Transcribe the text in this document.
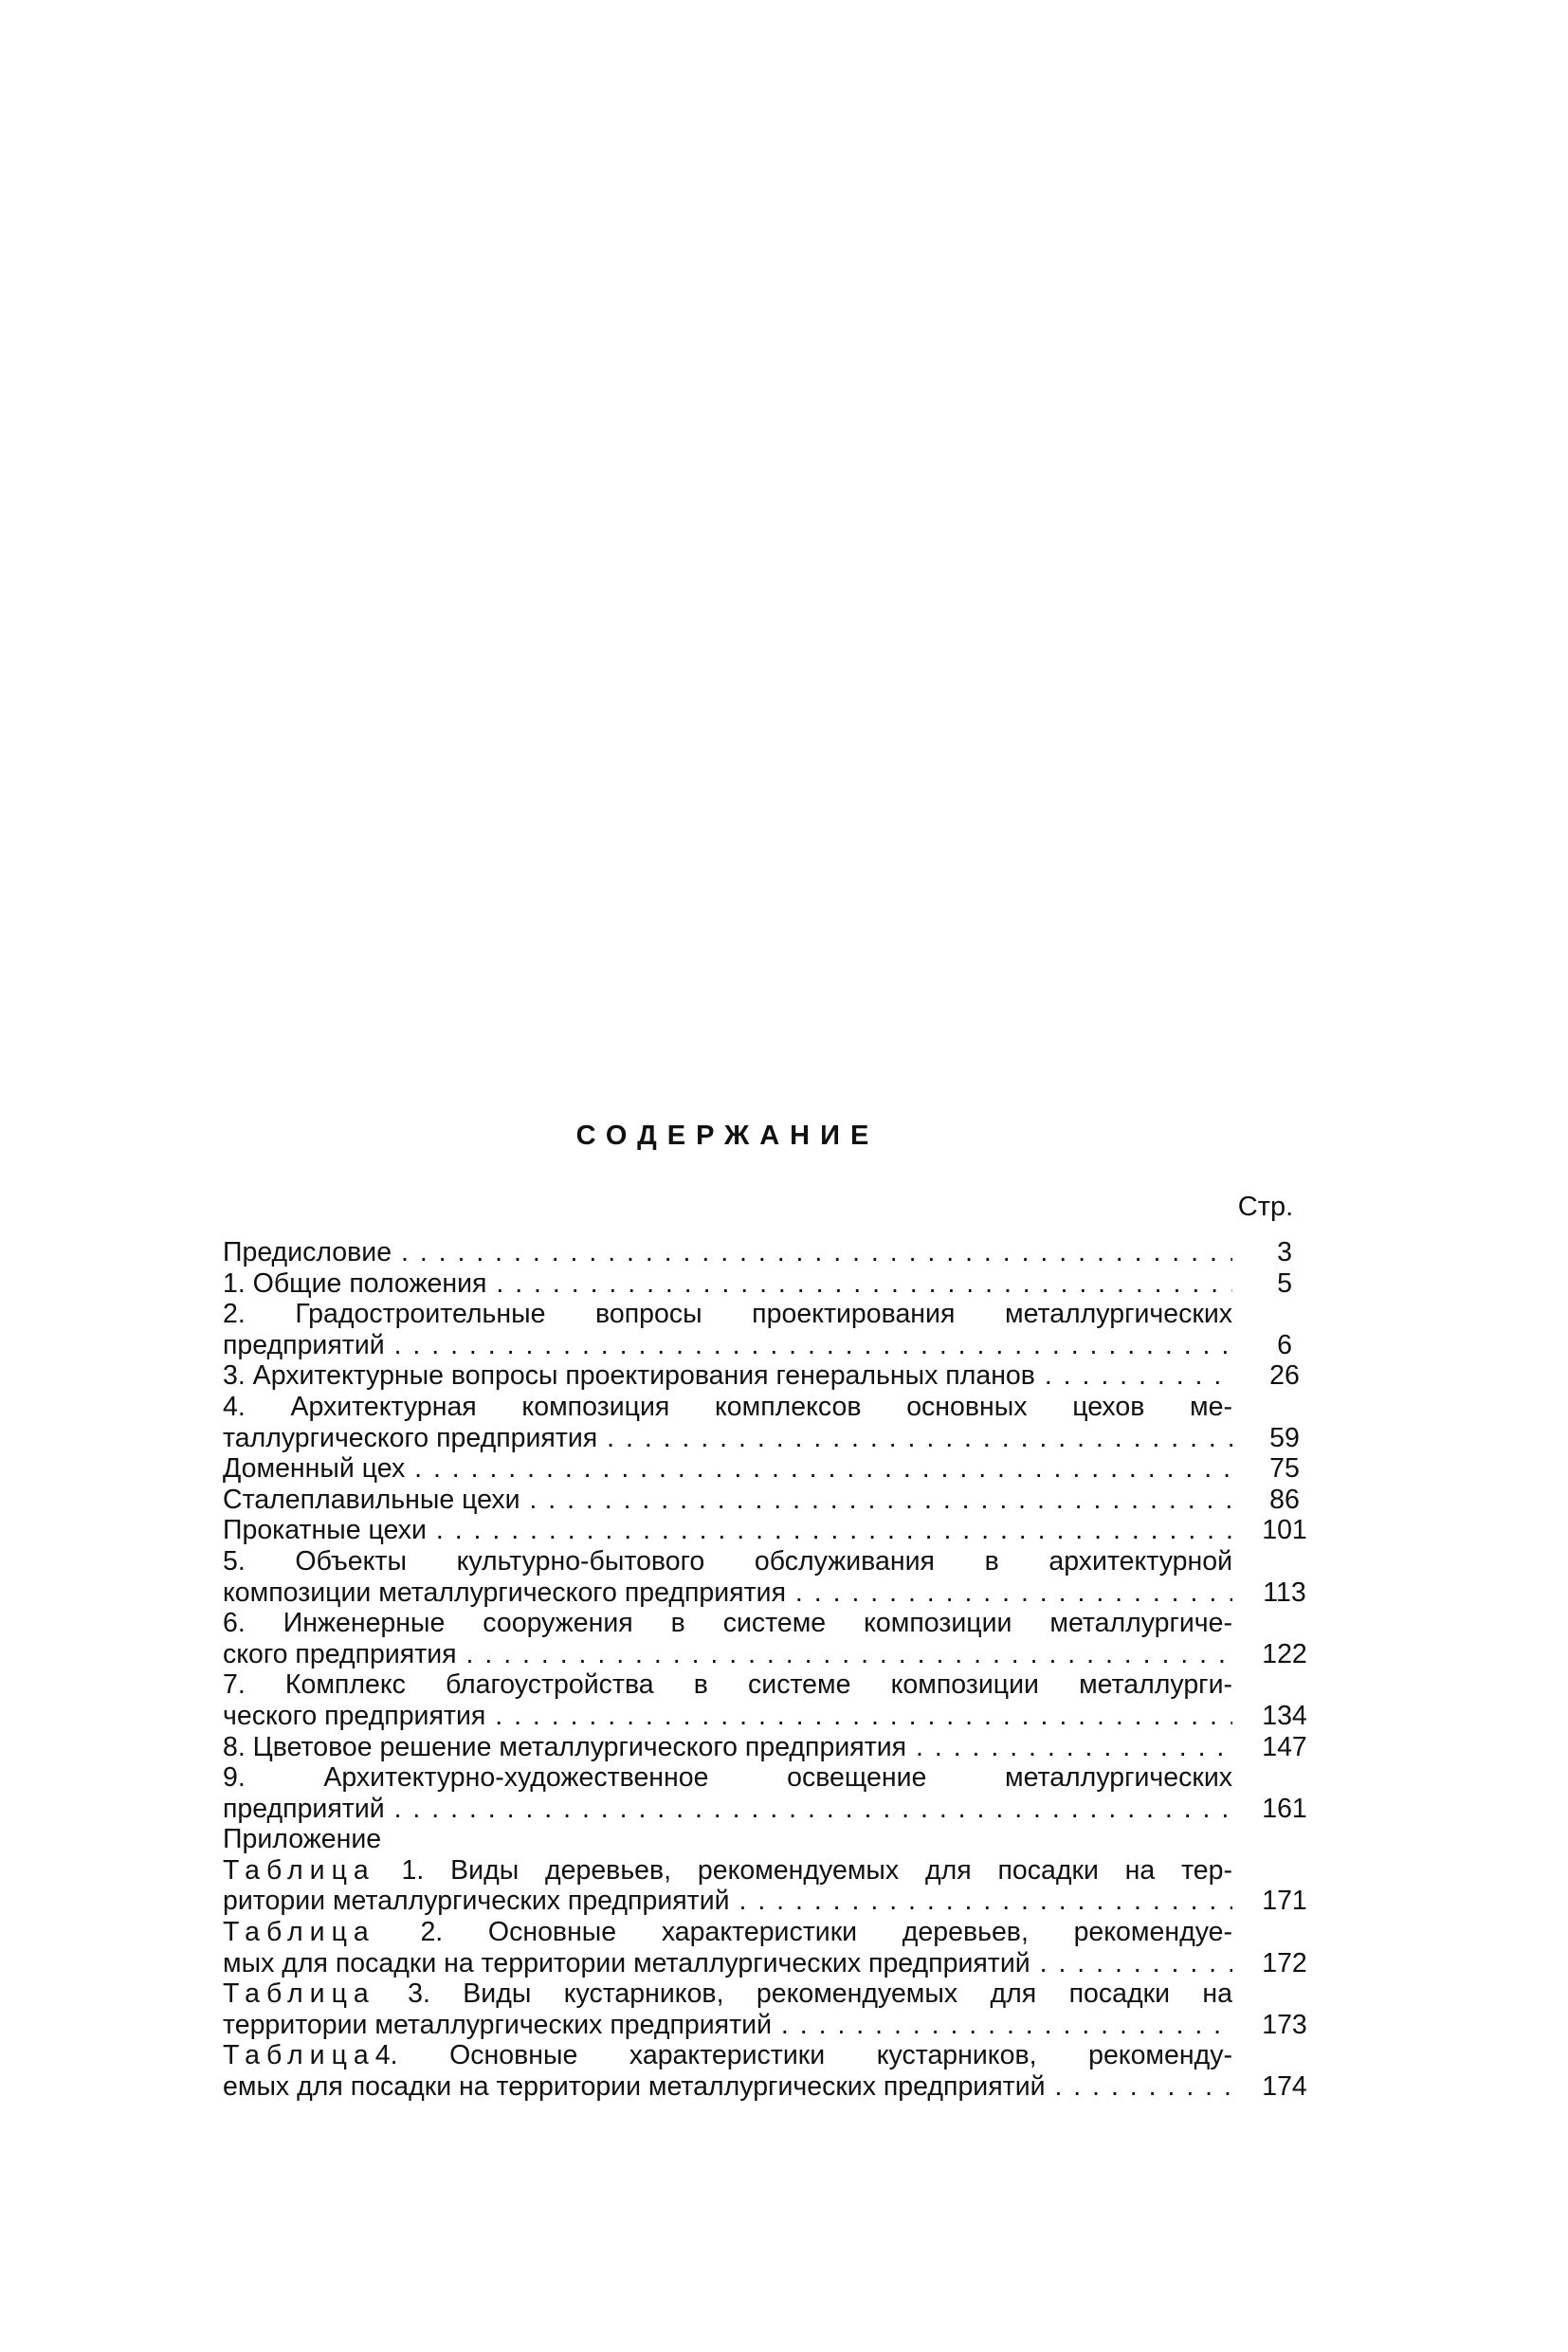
СОДЕРЖАНИЕ
Стр.
Предисловие . . .	3
1. Общие положения . . .	5
2. Градостроительные вопросы проектирования металлургических
предприятий . . .	6
3. Архитектурные вопросы проектирования генеральных планов . . .	26
4. Архитектурная композиция комплексов основных цехов ме-
таллургического предприятия . . .	59
Доменный цех . . .	75
Сталеплавильные цехи . . .	86
Прокатные цехи . . .	101
5. Объекты культурно-бытового обслуживания в архитектурной
композиции металлургического предприятия . . .	113
6. Инженерные сооружения в системе композиции металлургиче-
ского предприятия . . .	122
7. Комплекс благоустройства в системе композиции металлурги-
ческого предприятия . . .	134
8. Цветовое решение металлургического предприятия . . .	147
9. Архитектурно-художественное освещение металлургических
предприятий . . .	161
Приложение
Таблица 1. Виды деревьев, рекомендуемых для посадки на тер-
ритории металлургических предприятий . . .	171
Таблица 2. Основные характеристики деревьев, рекомендуе-
мых для посадки на территории металлургических предприятий . . .	172
Таблица 3. Виды кустарников, рекомендуемых для посадки на
территории металлургических предприятий . . .	173
Таблица4. Основные характеристики кустарников, рекоменду-
емых для посадки на территории металлургических предприятий . . .	174
